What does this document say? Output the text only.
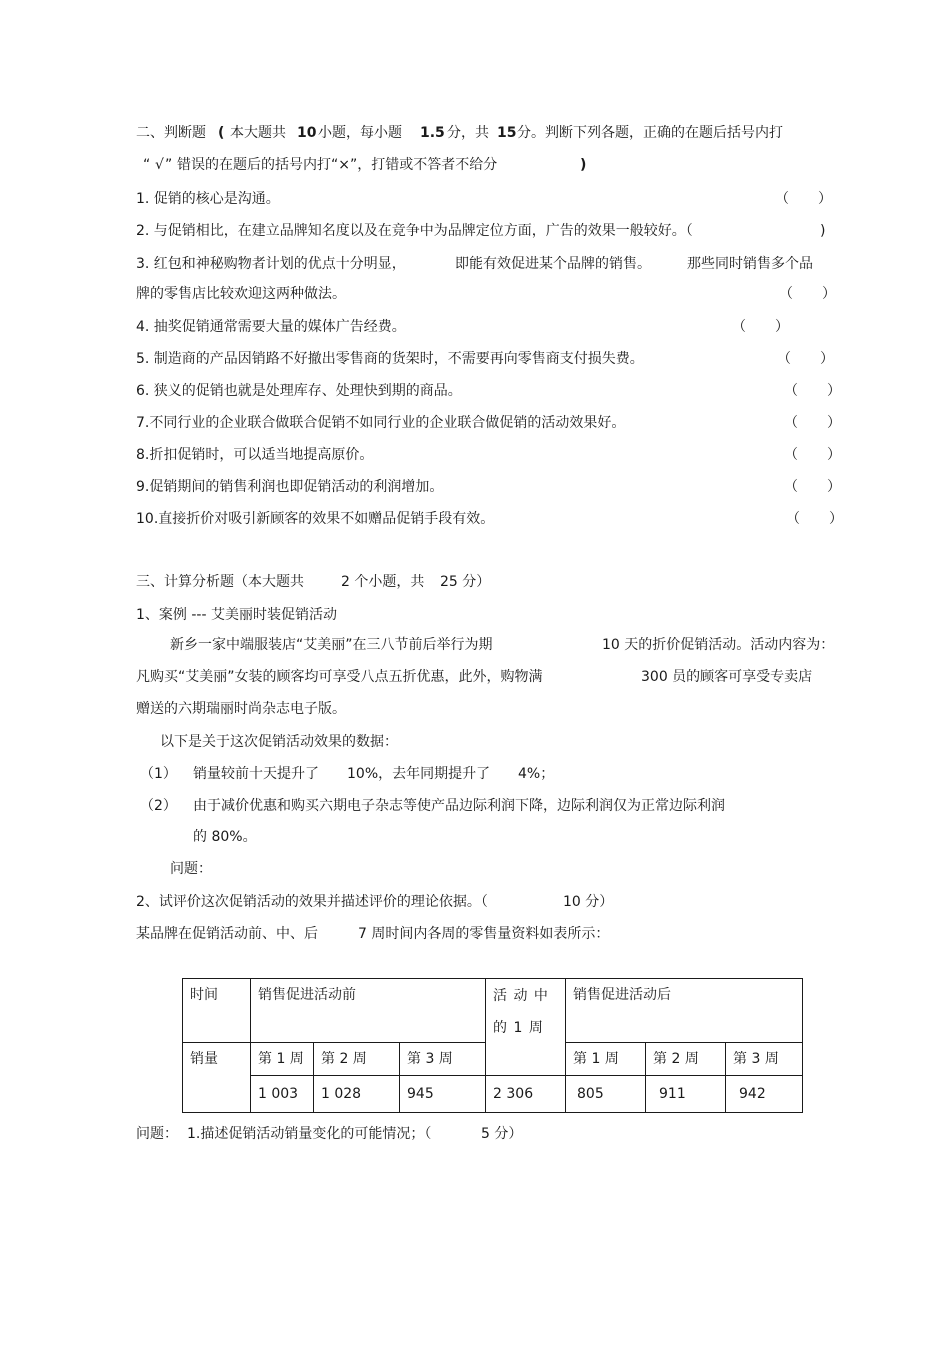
二、判断题 ( 本大题共 10 小题，每小题 1.5 分，共 15 分。判断下列各题，正确的在题后括号内打
“ √ ” 错误的在题后的括号内打“×”，打错或不答者不给分	)
1. 促销的核心是沟通。	（ ）
2. 与促销相比，在建立品牌知名度以及在竞争中为品牌定位方面，广告的效果一般较好。（	)
3. 红包和神秘购物者计划的优点十分明显，	即能有效促进某个品牌的销售。	那些同时销售多个品
牌的零售店比较欢迎这两种做法。	（ ）
4. 抽奖促销通常需要大量的媒体广告经费。	（ ）
5. 制造商的产品因销路不好撤出零售商的货架时，不需要再向零售商支付损失费。	（ ）
6. 狭义的促销也就是处理库存、处理快到期的商品。	（ ）
7.不同行业的企业联合做联合促销不如同行业的企业联合做促销的活动效果好。	（ ）
8.折扣促销时，可以适当地提高原价。	（ ）
9.促销期间的销售利润也即促销活动的利润增加。	（ ）
10.直接折价对吸引新顾客的效果不如赠品促销手段有效。	（ ）
三、计算分析题（本大题共	2 个小题，共 25 分）
1、案例 --- 艾美丽时装促销活动
新乡一家中端服装店“艾美丽”在三八节前后举行为期	10 天的折价促销活动。活动内容为：
凡购买“艾美丽”女装的顾客均可享受八点五折优惠，此外，购物满	300 员的顾客可享受专卖店
赠送的六期瑞丽时尚杂志电子版。
以下是关于这次促销活动效果的数据：
（1） 销量较前十天提升了 10%，去年同期提升了 4%；
（2） 由于减价优惠和购买六期电子杂志等使产品边际利润下降，边际利润仅为正常边际利润
的 80%。
问题：
2、试评价这次促销活动的效果并描述评价的理论依据。（	10 分）
某品牌在促销活动前、中、后	7 周时间内各周的零售量资料如表所示：
时间	销售促进活动前			活 动 中 的 1 周	销售促进活动后		
销量	第 1 周	第 2 周	第 3 周		第 1 周	第 2 周	第 3 周
	1 003	1 028	945	2 306	805	911	942
问题： 1.描述促销活动销量变化的可能情况；（	5 分）
